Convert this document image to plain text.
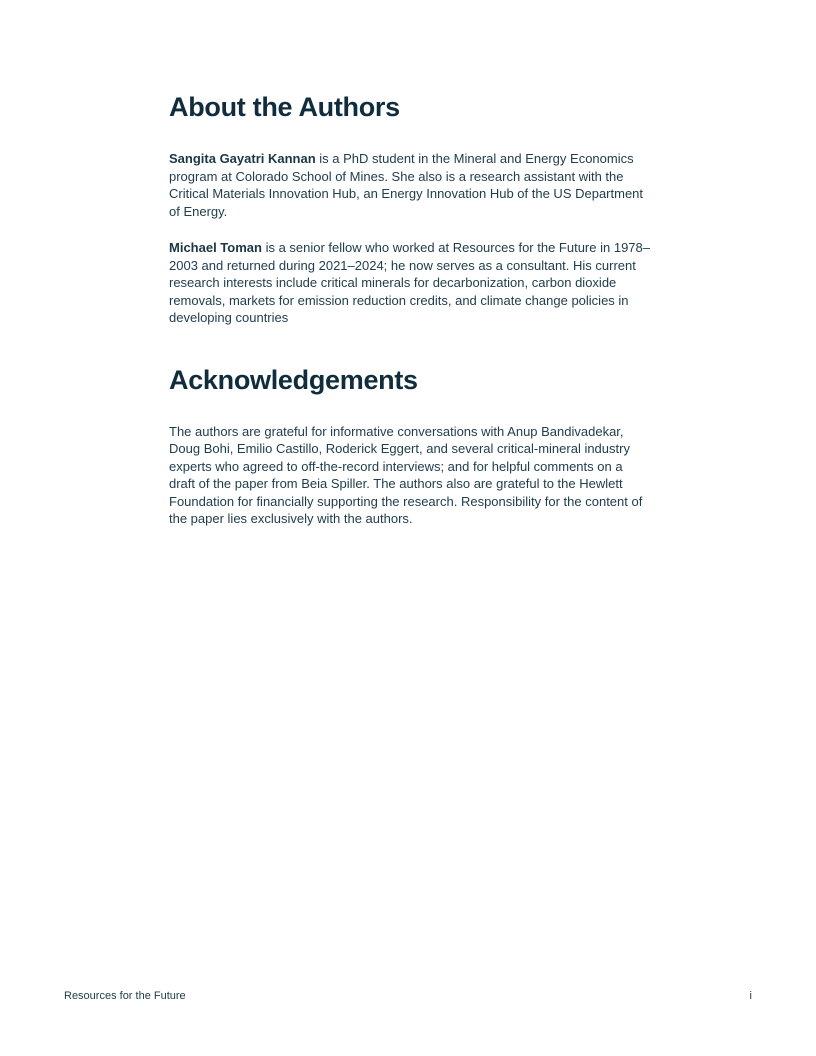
About the Authors

Sangita Gayatri Kannan is a PhD student in the Mineral and Energy Economics program at Colorado School of Mines. She also is a research assistant with the Critical Materials Innovation Hub, an Energy Innovation Hub of the US Department of Energy.

Michael Toman is a senior fellow who worked at Resources for the Future in 1978–2003 and returned during 2021–2024; he now serves as a consultant. His current research interests include critical minerals for decarbonization, carbon dioxide removals, markets for emission reduction credits, and climate change policies in developing countries

Acknowledgements

The authors are grateful for informative conversations with Anup Bandivadekar, Doug Bohi, Emilio Castillo, Roderick Eggert, and several critical-mineral industry experts who agreed to off-the-record interviews; and for helpful comments on a draft of the paper from Beia Spiller. The authors also are grateful to the Hewlett Foundation for financially supporting the research. Responsibility for the content of the paper lies exclusively with the authors.

Resources for the Future	i
